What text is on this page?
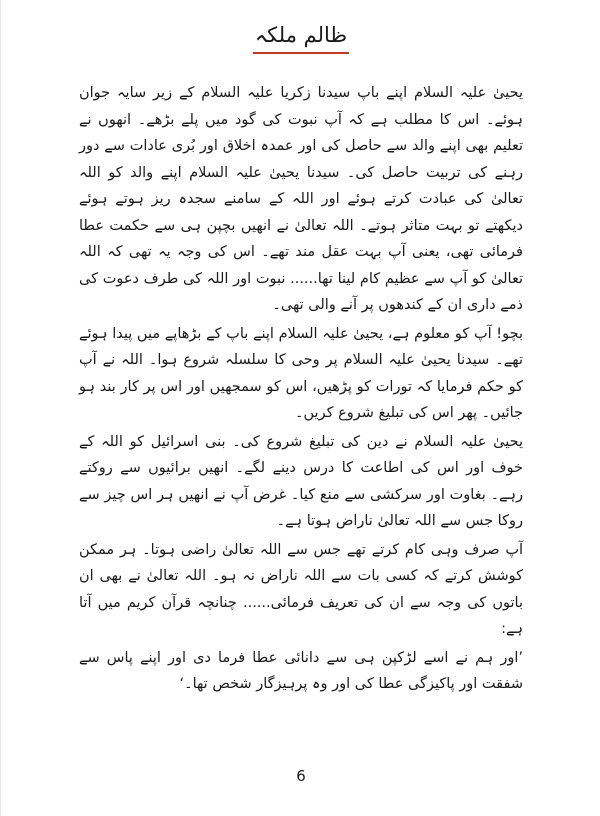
ظالم ملکہ

یحییٰ علیہ السلام اپنے باپ سیدنا زکریا علیہ السلام کے زیر سایہ جوان ہوئے۔ اس کا مطلب ہے کہ آپ نبوت کی گود میں پلے بڑھے۔ انھوں نے تعلیم بھی اپنے والد سے حاصل کی اور عمدہ اخلاق اور بُری عادات سے دور رہنے کی تربیت حاصل کی۔ سیدنا یحییٰ علیہ السلام اپنے والد کو اللہ تعالیٰ کی عبادت کرتے ہوئے اور اللہ کے سامنے سجدہ ریز ہوتے ہوئے دیکھتے تو بہت متاثر ہوتے۔ اللہ تعالیٰ نے انھیں بچپن ہی سے حکمت عطا فرمائی تھی، یعنی آپ بہت عقل مند تھے۔ اس کی وجہ یہ تھی کہ اللہ تعالیٰ کو آپ سے عظیم کام لینا تھا...... نبوت اور اللہ کی طرف دعوت کی ذمے داری ان کے کندھوں پر آنے والی تھی۔

بچو! آپ کو معلوم ہے، یحییٰ علیہ السلام اپنے باپ کے بڑھاپے میں پیدا ہوئے تھے۔ سیدنا یحییٰ علیہ السلام پر وحی کا سلسلہ شروع ہوا۔ اللہ نے آپ کو حکم فرمایا کہ تورات کو پڑھیں، اس کو سمجھیں اور اس پر کار بند ہو جائیں۔ پھر اس کی تبلیغ شروع کریں۔

یحییٰ علیہ السلام نے دین کی تبلیغ شروع کی۔ بنی اسرائیل کو اللہ کے خوف اور اس کی اطاعت کا درس دینے لگے۔ انھیں برائیوں سے روکتے رہے۔ بغاوت اور سرکشی سے منع کیا۔ غرض آپ نے انھیں ہر اس چیز سے روکا جس سے اللہ تعالیٰ ناراض ہوتا ہے۔

آپ صرف وہی کام کرتے تھے جس سے اللہ تعالیٰ راضی ہوتا۔ ہر ممکن کوشش کرتے کہ کسی بات سے اللہ ناراض نہ ہو۔ اللہ تعالیٰ نے بھی ان باتوں کی وجہ سے ان کی تعریف فرمائی...... چنانچہ قرآن کریم میں آتا ہے:

’اور ہم نے اسے لڑکپن ہی سے دانائی عطا فرما دی اور اپنے پاس سے شفقت اور پاکیزگی عطا کی اور وہ پرہیزگار شخص تھا۔‘

6
